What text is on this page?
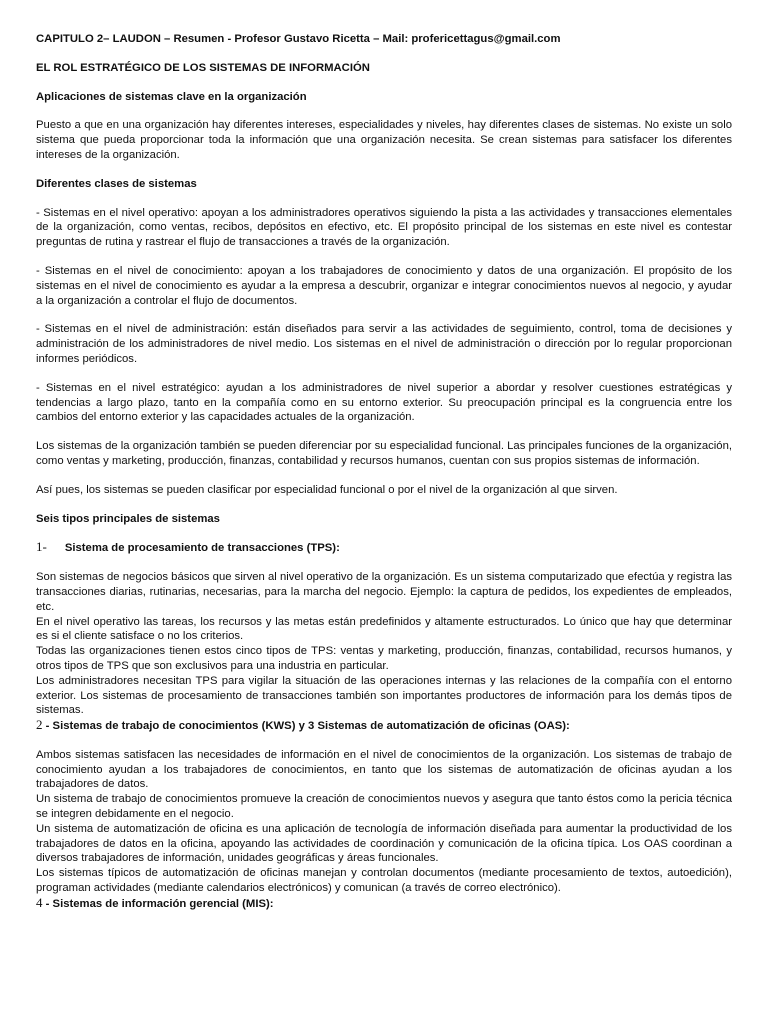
CAPITULO 2– LAUDON – Resumen - Profesor Gustavo Ricetta – Mail: profericettagus@gmail.com
EL ROL ESTRATÉGICO DE LOS SISTEMAS DE INFORMACIÓN
Aplicaciones de sistemas clave en la organización
Puesto a que en una organización hay diferentes intereses, especialidades y niveles, hay diferentes clases de sistemas. No existe un solo sistema que pueda proporcionar toda la información que una organización necesita. Se crean sistemas para satisfacer los diferentes intereses de la organización.
Diferentes clases de sistemas
- Sistemas en el nivel operativo: apoyan a los administradores operativos siguiendo la pista a las actividades y transacciones elementales de la organización, como ventas, recibos, depósitos en efectivo, etc. El propósito principal de los sistemas en este nivel es contestar preguntas de rutina y rastrear el flujo de transacciones a través de la organización.
- Sistemas en el nivel de conocimiento: apoyan a los trabajadores de conocimiento y datos de una organización. El propósito de los sistemas en el nivel de conocimiento es ayudar a la empresa a descubrir, organizar e integrar conocimientos nuevos al negocio, y ayudar a la organización a controlar el flujo de documentos.
- Sistemas en el nivel de administración: están diseñados para servir a las actividades de seguimiento, control, toma de decisiones y administración de los administradores de nivel medio. Los sistemas en el nivel de administración o dirección por lo regular proporcionan informes periódicos.
- Sistemas en el nivel estratégico: ayudan a los administradores de nivel superior a abordar y resolver cuestiones estratégicas y tendencias a largo plazo, tanto en la compañía como en su entorno exterior. Su preocupación principal es la congruencia entre los cambios del entorno exterior y las capacidades actuales de la organización.
Los sistemas de la organización también se pueden diferenciar por su especialidad funcional. Las principales funciones de la organización, como ventas y marketing, producción, finanzas, contabilidad y recursos humanos, cuentan con sus propios sistemas de información.
Así pues, los sistemas se pueden clasificar por especialidad funcional o por el nivel de la organización al que sirven.
Seis tipos principales de sistemas
1- Sistema de procesamiento de transacciones (TPS):
Son sistemas de negocios básicos que sirven al nivel operativo de la organización. Es un sistema computarizado que efectúa y registra las transacciones diarias, rutinarias, necesarias, para la marcha del negocio. Ejemplo: la captura de pedidos, los expedientes de empleados, etc.
En el nivel operativo las tareas, los recursos y las metas están predefinidos y altamente estructurados. Lo único que hay que determinar es si el cliente satisface o no los criterios.
Todas las organizaciones tienen estos cinco tipos de TPS: ventas y marketing, producción, finanzas, contabilidad, recursos humanos, y otros tipos de TPS que son exclusivos para una industria en particular.
Los administradores necesitan TPS para vigilar la situación de las operaciones internas y las relaciones de la compañía con el entorno exterior. Los sistemas de procesamiento de transacciones también son importantes productores de información para los demás tipos de sistemas.
2 - Sistemas de trabajo de conocimientos (KWS) y 3 Sistemas de automatización de oficinas (OAS):
Ambos sistemas satisfacen las necesidades de información en el nivel de conocimientos de la organización. Los sistemas de trabajo de conocimiento ayudan a los trabajadores de conocimientos, en tanto que los sistemas de automatización de oficinas ayudan a los trabajadores de datos.
Un sistema de trabajo de conocimientos promueve la creación de conocimientos nuevos y asegura que tanto éstos como la pericia técnica se integren debidamente en el negocio.
Un sistema de automatización de oficina es una aplicación de tecnología de información diseñada para aumentar la productividad de los trabajadores de datos en la oficina, apoyando las actividades de coordinación y comunicación de la oficina típica. Los OAS coordinan a diversos trabajadores de información, unidades geográficas y áreas funcionales.
Los sistemas típicos de automatización de oficinas manejan y controlan documentos (mediante procesamiento de textos, autoedición), programan actividades (mediante calendarios electrónicos) y comunican (a través de correo electrónico).
4 - Sistemas de información gerencial (MIS):
